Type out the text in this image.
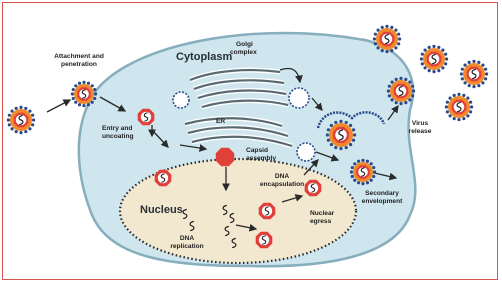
Attachment and
penetration
Cytoplasm
Golgi
complex
ER
Entry and
uncoating
Capsid
assembly
Nucleus
DNA
replication
DNA
encapsulation
Nuclear
egress
Secondary
envelopment
Virus
release
